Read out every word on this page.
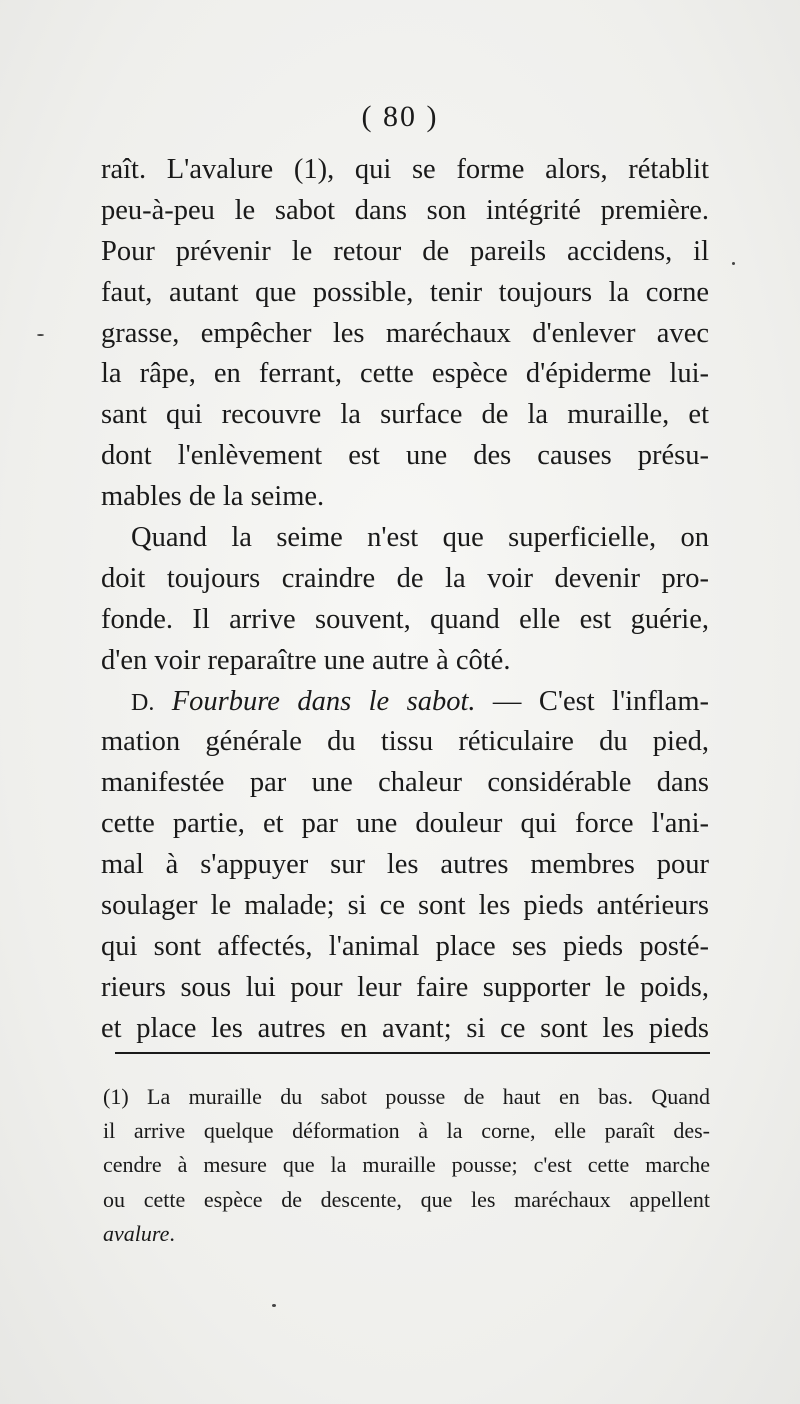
( 80 )
raît. L'avalure (1), qui se forme alors, rétablit
peu-à-peu le sabot dans son intégrité première.
Pour prévenir le retour de pareils accidens, il
faut, autant que possible, tenir toujours la corne
grasse, empêcher les maréchaux d'enlever avec
la râpe, en ferrant, cette espèce d'épiderme lui-
sant qui recouvre la surface de la muraille, et
dont l'enlèvement est une des causes présu-
mables de la seime.
Quand la seime n'est que superficielle, on
doit toujours craindre de la voir devenir pro-
fonde. Il arrive souvent, quand elle est guérie,
d'en voir reparaître une autre à côté.
D. Fourbure dans le sabot. — C'est l'inflam-
mation générale du tissu réticulaire du pied,
manifestée par une chaleur considérable dans
cette partie, et par une douleur qui force l'ani-
mal à s'appuyer sur les autres membres pour
soulager le malade; si ce sont les pieds antérieurs
qui sont affectés, l'animal place ses pieds posté-
rieurs sous lui pour leur faire supporter le poids,
et place les autres en avant; si ce sont les pieds
(1) La muraille du sabot pousse de haut en bas. Quand
il arrive quelque déformation à la corne, elle paraît des-
cendre à mesure que la muraille pousse; c'est cette marche
ou cette espèce de descente, que les maréchaux appellent
avalure.
